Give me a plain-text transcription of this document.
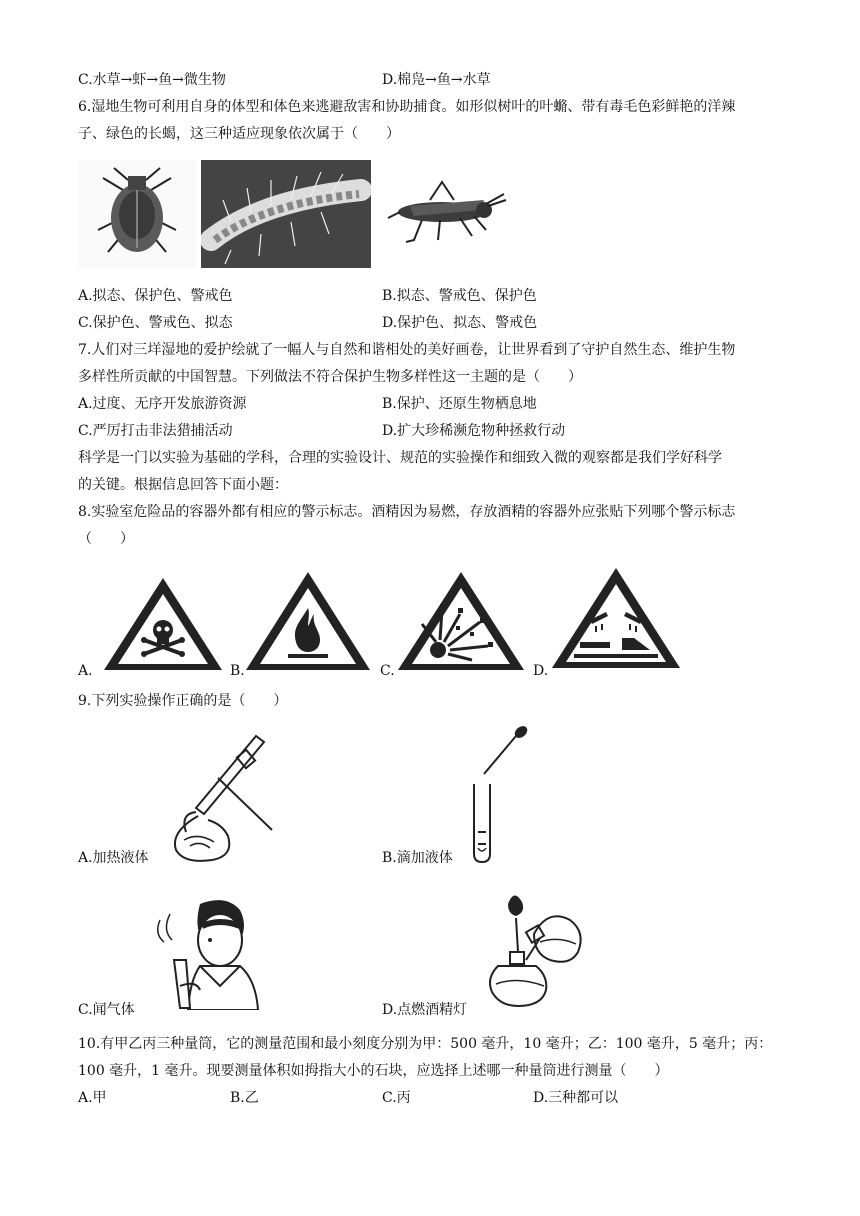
C.水草→虾→鱼→微生物	D.棉凫→鱼→水草
6.湿地生物可利用自身的体型和体色来逃避敌害和协助捕食。如形似树叶的叶䗛、带有毒毛色彩鲜艳的洋辣
子、绿色的长蝎，这三种适应现象依次属于（　　）
A.拟态、保护色、警戒色	B.拟态、警戒色、保护色
C.保护色、警戒色、拟态	D.保护色、拟态、警戒色
7.人们对三垟湿地的爱护绘就了一幅人与自然和谐相处的美好画卷，让世界看到了守护自然生态、维护生物
多样性所贡献的中国智慧。下列做法不符合保护生物多样性这一主题的是（　　）
A.过度、无序开发旅游资源	B.保护、还原生物栖息地
C.严厉打击非法猎捕活动	D.扩大珍稀濒危物种拯救行动
科学是一门以实验为基础的学科，合理的实验设计、规范的实验操作和细致入微的观察都是我们学好科学
的关键。根据信息回答下面小题：
8.实验室危险品的容器外都有相应的警示标志。酒精因为易燃，存放酒精的容器外应张贴下列哪个警示标志
（　　）
A.	B.	C.	D.
9.下列实验操作正确的是（　　）
A.加热液体	B.滴加液体
C.闻气体	D.点燃酒精灯
10.有甲乙丙三种量筒，它的测量范围和最小刻度分别为甲：500 毫升，10 毫升；乙：100 毫升，5 毫升；丙：
100 毫升，1 毫升。现要测量体积如拇指大小的石块，应选择上述哪一种量筒进行测量（　　）
A.甲	B.乙	C.丙	D.三种都可以
